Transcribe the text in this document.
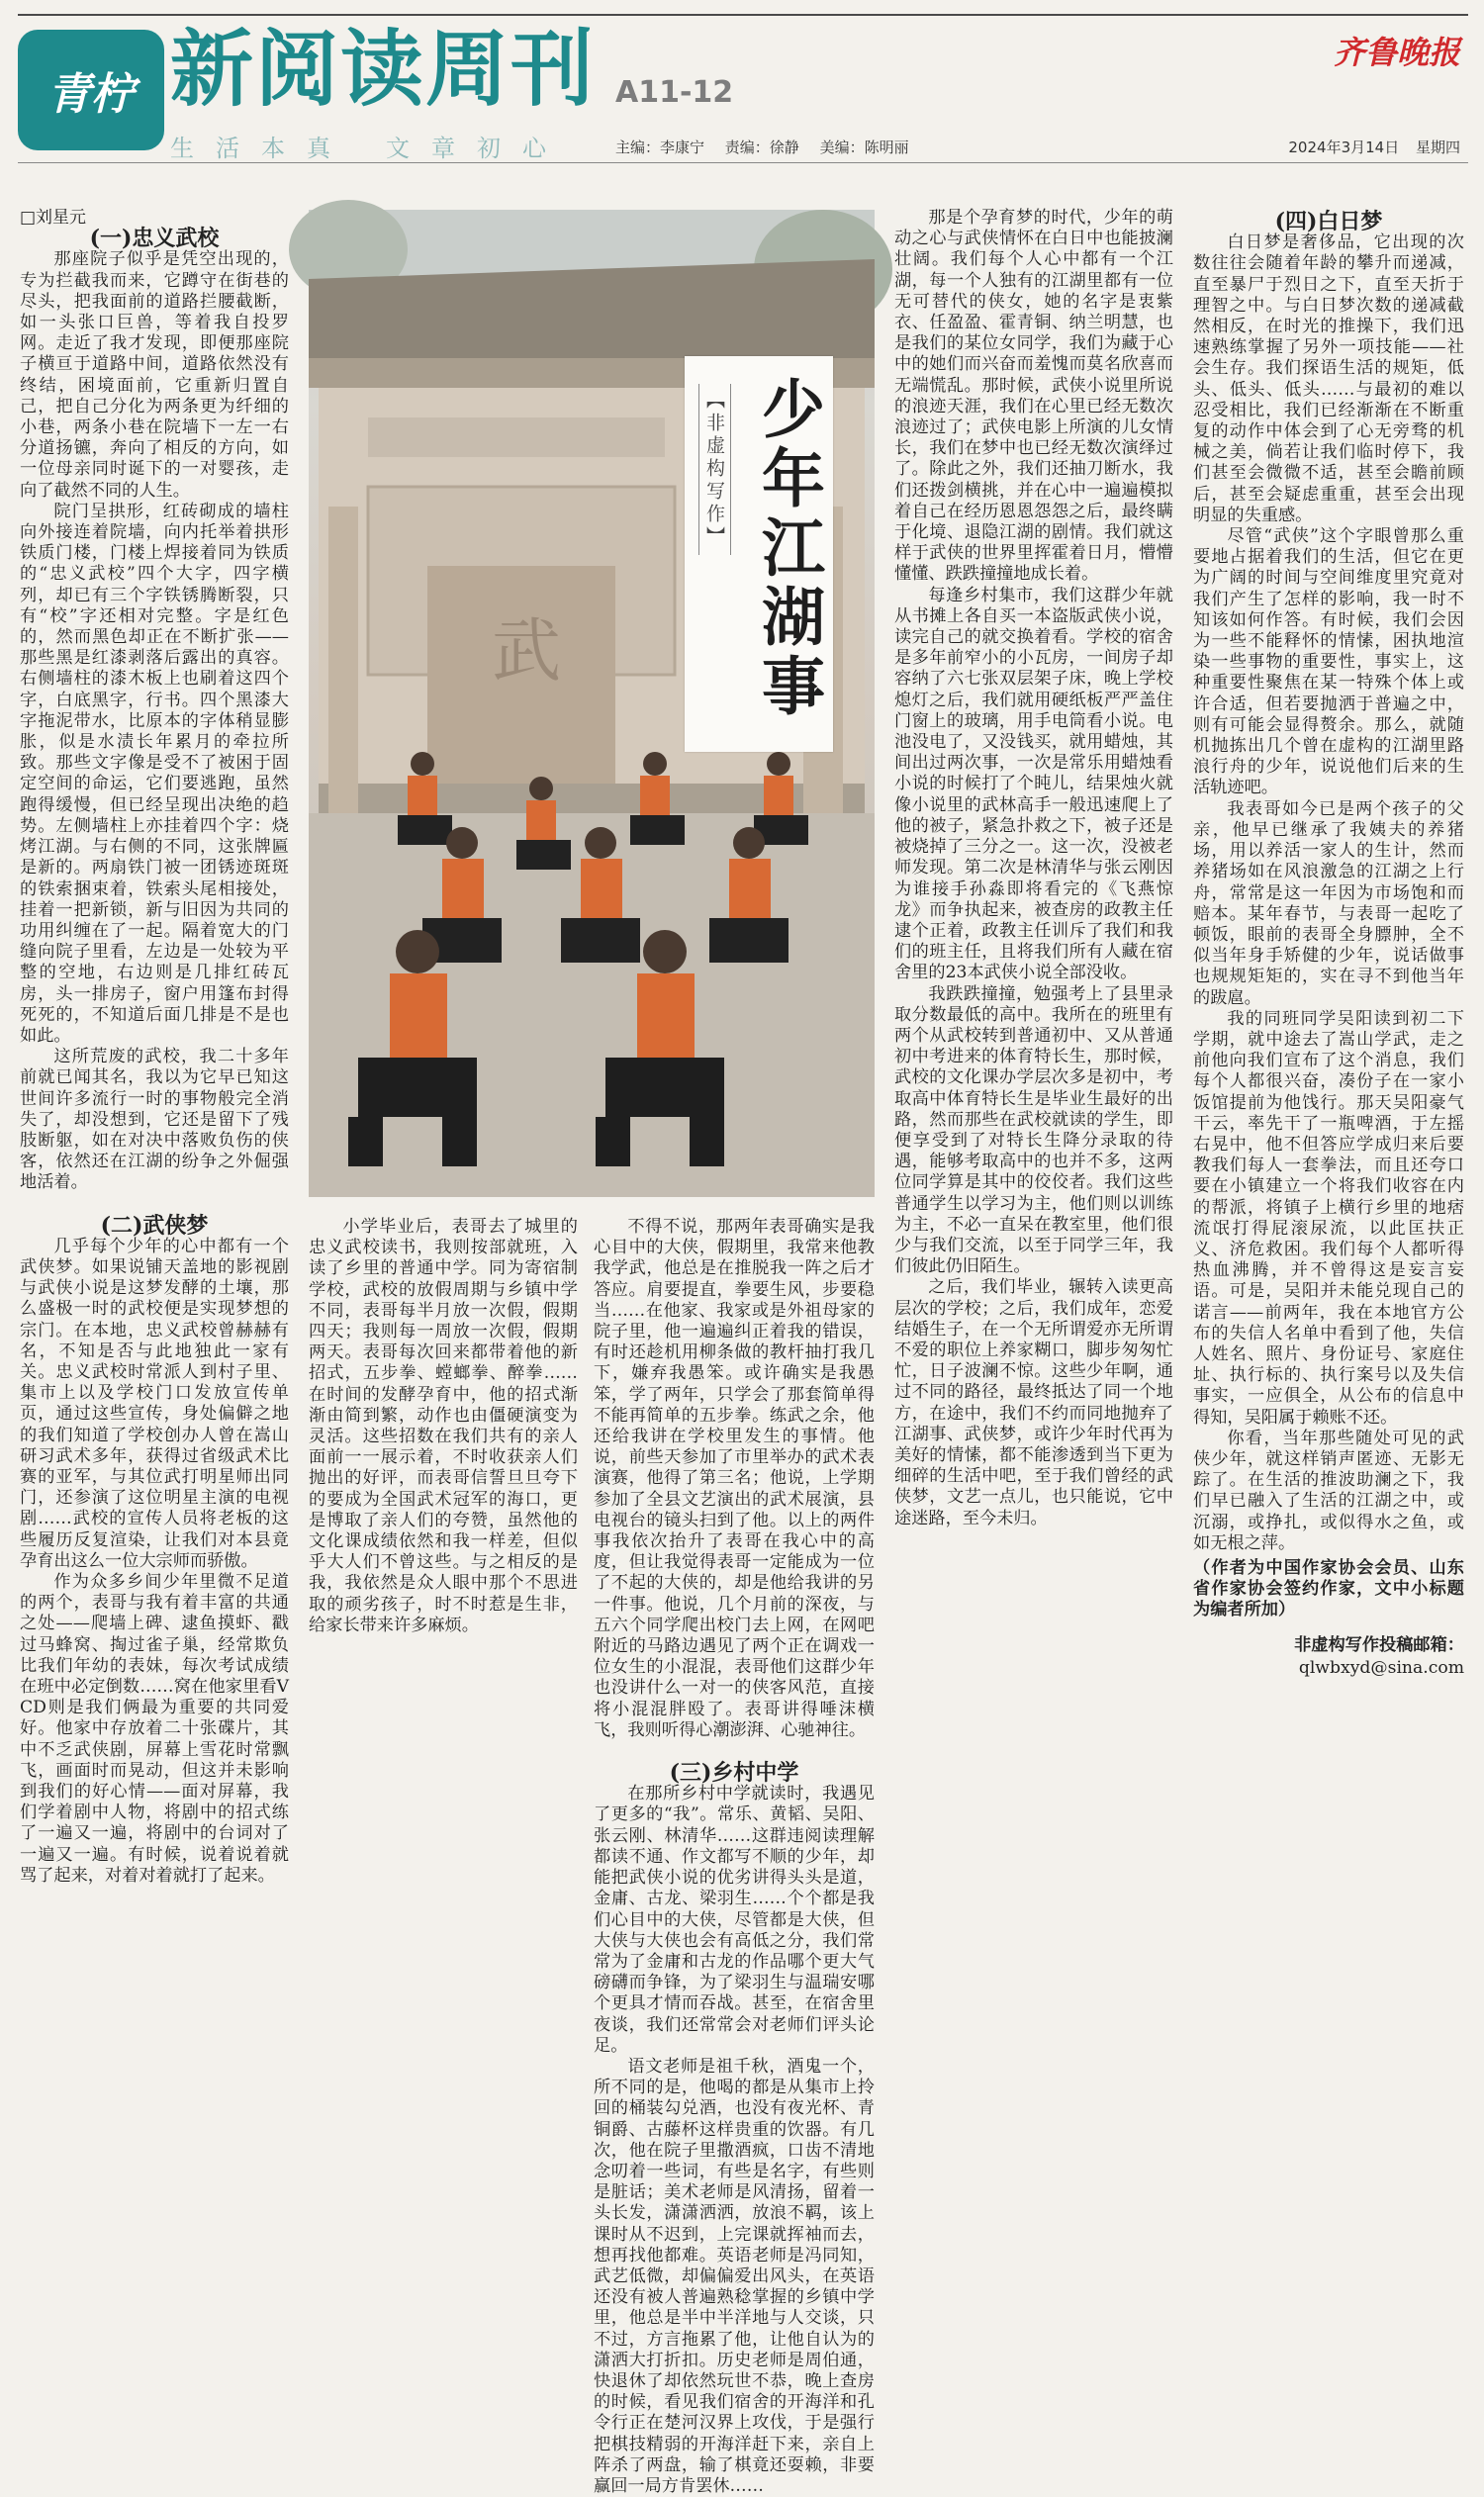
青柠 新阅读周刊
生活本真 文章初心
A11-12
主编：李康宁 责编：徐静 美编：陈明丽
齐鲁晚报
2024年3月14日 星期四

□刘星元

(一)忠义武校

那座院子似乎是凭空出现的，专为拦截我而来，它蹲守在街巷的尽头，把我面前的道路拦腰截断，如一头张口巨兽，等着我自投罗网。走近了我才发现，即便那座院子横亘于道路中间，道路依然没有终结，困境面前，它重新归置自己，把自己分化为两条更为纤细的小巷，两条小巷在院墙下一左一右分道扬镳，奔向了相反的方向，如一位母亲同时诞下的一对婴孩，走向了截然不同的人生。

院门呈拱形，红砖砌成的墙柱向外接连着院墙，向内托举着拱形铁质门楼，门楼上焊接着同为铁质的“忠义武校”四个大字，四字横列，却已有三个字铁锈腾断裂，只有“校”字还相对完整。字是红色的，然而黑色却正在不断扩张——那些黑是红漆剥落后露出的真容。右侧墙柱的漆木板上也刷着这四个字，白底黑字，行书。四个黑漆大字拖泥带水，比原本的字体稍显膨胀，似是水渍长年累月的牵拉所致。那些文字像是受不了被困于固定空间的命运，它们要逃跑，虽然跑得缓慢，但已经呈现出决绝的趋势。左侧墙柱上亦挂着四个字：烧烤江湖。与右侧的不同，这张牌匾是新的。两扇铁门被一团锈迹斑斑的铁索捆束着，铁索头尾相接处，挂着一把新锁，新与旧因为共同的功用纠缠在了一起。隔着宽大的门缝向院子里看，左边是一处较为平整的空地，右边则是几排红砖瓦房，头一排房子，窗户用篷布封得死死的，不知道后面几排是不是也如此。

这所荒废的武校，我二十多年前就已闻其名，我以为它早已知这世间许多流行一时的事物般完全消失了，却没想到，它还是留下了残肢断躯，如在对决中落败负伤的侠客，依然还在江湖的纷争之外倔强地活着。

(二)武侠梦

几乎每个少年的心中都有一个武侠梦。如果说铺天盖地的影视剧与武侠小说是这梦发酵的土壤，那么盛极一时的武校便是实现梦想的宗门。在本地，忠义武校曾赫赫有名，不知是否与此地独此一家有关。忠义武校时常派人到村子里、集市上以及学校门口发放宣传单页，通过这些宣传，身处偏僻之地的我们知道了学校创办人曾在嵩山研习武术多年，获得过省级武术比赛的亚军，与其位武打明星师出同门，还参演了这位明星主演的电视剧……武校的宣传人员将老板的这些履历反复渲染，让我们对本县竟孕育出这么一位大宗师而骄傲。

作为众多乡间少年里微不足道的两个，表哥与我有着丰富的共通之处——爬墙上碑、逮鱼摸虾、戳过马蜂窝、掏过雀子巢，经常欺负比我们年幼的表妹，每次考试成绩在班中必定倒数……窝在他家里看VCD则是我们俩最为重要的共同爱好。他家中存放着二十张碟片，其中不乏武侠剧，屏幕上雪花时常飘飞，画面时而晃动，但这并未影响到我们的好心情——面对屏幕，我们学着剧中人物，将剧中的招式练了一遍又一遍，将剧中的台词对了一遍又一遍。有时候，说着说着就骂了起来，对着对着就打了起来。

武
【非虚构写作】 少年江湖事

小学毕业后，表哥去了城里的忠义武校读书，我则按部就班，入读了乡里的普通中学。同为寄宿制学校，武校的放假周期与乡镇中学不同，表哥每半月放一次假，假期四天；我则每一周放一次假，假期两天。表哥每次回来都带着他的新招式，五步拳、螳螂拳、醉拳……在时间的发酵孕育中，他的招式渐渐由简到繁，动作也由僵硬演变为灵活。这些招数在我们共有的亲人面前一一展示着，不时收获亲人们抛出的好评，而表哥信誓旦旦夸下的要成为全国武术冠军的海口，更是博取了亲人们的夸赞，虽然他的文化课成绩依然和我一样差，但似乎大人们不曾这些。与之相反的是我，我依然是众人眼中那个不思进取的顽劣孩子，时不时惹是生非，给家长带来许多麻烦。

不得不说，那两年表哥确实是我心目中的大侠，假期里，我常来他教我学武，他总是在推脱我一阵之后才答应。肩要提直，拳要生风，步要稳当……在他家、我家或是外祖母家的院子里，他一遍遍纠正着我的错误，有时还趁机用柳条做的教杆抽打我几下，嫌弃我愚笨。或许确实是我愚笨，学了两年，只学会了那套简单得不能再简单的五步拳。练武之余，他还给我讲在学校里发生的事情。他说，前些天参加了市里举办的武术表演赛，他得了第三名；他说，上学期参加了全县文艺演出的武术展演，县电视台的镜头扫到了他。以上的两件事我依次抬升了表哥在我心中的高度，但让我觉得表哥一定能成为一位了不起的大侠的，却是他给我讲的另一件事。他说，几个月前的深夜，与五六个同学爬出校门去上网，在网吧附近的马路边遇见了两个正在调戏一位女生的小混混，表哥他们这群少年也没讲什么一对一的侠客风范，直接将小混混胖殴了。表哥讲得唾沫横飞，我则听得心潮澎湃、心驰神往。

(三)乡村中学

在那所乡村中学就读时，我遇见了更多的“我”。常乐、黄韬、吴阳、张云刚、林清华……这群违阅读理解都读不通、作文都写不顺的少年，却能把武侠小说的优劣讲得头头是道，金庸、古龙、梁羽生……个个都是我们心目中的大侠，尽管都是大侠，但大侠与大侠也会有高低之分，我们常常为了金庸和古龙的作品哪个更大气磅礴而争锋，为了梁羽生与温瑞安哪个更具才情而吞战。甚至，在宿舍里夜谈，我们还常常会对老师们评头论足。

语文老师是祖千秋，酒鬼一个，所不同的是，他喝的都是从集市上拎回的桶装勾兑酒，也没有夜光杯、青铜爵、古藤杯这样贵重的饮器。有几次，他在院子里撒酒疯，口齿不清地念叨着一些词，有些是名字，有些则是脏话；美术老师是风清扬，留着一头长发，潇潇洒洒，放浪不羁，该上课时从不迟到，上完课就挥袖而去，想再找他都难。英语老师是冯同知，武艺低微，却偏偏爱出风头，在英语还没有被人普遍熟稔掌握的乡镇中学里，他总是半中半洋地与人交谈，只不过，方言拖累了他，让他自认为的潇洒大打折扣。历史老师是周伯通，快退休了却依然玩世不恭，晚上查房的时候，看见我们宿舍的开海洋和孔令行正在楚河汉界上攻伐，于是强行把棋技精弱的开海洋赶下来，亲自上阵杀了两盘，输了棋竟还耍赖，非要赢回一局方肯罢休……

那是个孕育梦的时代，少年的萌动之心与武侠情怀在白日中也能披澜壮阔。我们每个人心中都有一个江湖，每一个人独有的江湖里都有一位无可替代的侠女，她的名字是衷紫衣、任盈盈、霍青铜、纳兰明慧，也是我们的某位女同学，我们为藏于心中的她们而兴奋而羞愧而莫名欣喜而无端慌乱。那时候，武侠小说里所说的浪迹天涯，我们在心里已经无数次浪迹过了；武侠电影上所演的儿女情长，我们在梦中也已经无数次演绎过了。除此之外，我们还抽刀断水，我们还拨剑横挑，并在心中一遍遍模拟着自己在经历恩恩怨怨之后，最终瞒于化境、退隐江湖的剧情。我们就这样于武侠的世界里挥霍着日月，懵懵懂懂、跌跌撞撞地成长着。

每逢乡村集市，我们这群少年就从书摊上各自买一本盗版武侠小说，读完自己的就交换着看。学校的宿舍是多年前窄小的小瓦房，一间房子却容纳了六七张双层架子床，晚上学校熄灯之后，我们就用硬纸板严严盖住门窗上的玻璃，用手电筒看小说。电池没电了，又没钱买，就用蜡烛，其间出过两次事，一次是常乐用蜡烛看小说的时候打了个盹儿，结果烛火就像小说里的武林高手一般迅速爬上了他的被子，紧急扑救之下，被子还是被烧掉了三分之一。这一次，没被老师发现。第二次是林清华与张云刚因为谁接手孙淼即将看完的《飞燕惊龙》而争执起来，被查房的政教主任逮个正着，政教主任训斥了我们和我们的班主任，且将我们所有人藏在宿舍里的23本武侠小说全部没收。

我跌跌撞撞，勉强考上了县里录取分数最低的高中。我所在的班里有两个从武校转到普通初中、又从普通初中考进来的体育特长生，那时候，武校的文化课办学层次多是初中，考取高中体育特长生是毕业生最好的出路，然而那些在武校就读的学生，即便享受到了对特长生降分录取的待遇，能够考取高中的也并不多，这两位同学算是其中的佼佼者。我们这些普通学生以学习为主，他们则以训练为主，不必一直呆在教室里，他们很少与我们交流，以至于同学三年，我们彼此仍旧陌生。

之后，我们毕业，辗转入读更高层次的学校；之后，我们成年，恋爱结婚生子，在一个无所谓爱亦无所谓不爱的职位上养家糊口，脚步匆匆忙忙，日子波澜不惊。这些少年啊，通过不同的路径，最终抵达了同一个地方，在途中，我们不约而同地抛弃了江湖事、武侠梦，或许少年时代再为美好的情愫，都不能渗透到当下更为细碎的生活中吧，至于我们曾经的武侠梦，文艺一点儿，也只能说，它中途迷路，至今未归。

(四)白日梦

白日梦是奢侈品，它出现的次数往往会随着年龄的攀升而递减，直至暴尸于烈日之下，直至天折于理智之中。与白日梦次数的递减截然相反，在时光的推操下，我们迅速熟练掌握了另外一项技能——社会生存。我们探语生活的规矩，低头、低头、低头……与最初的难以忍受相比，我们已经渐渐在不断重复的动作中体会到了心无旁骛的机械之美，倘若让我们临时停下，我们甚至会微微不适，甚至会瞻前顾后，甚至会疑虑重重，甚至会出现明显的失重感。

尽管“武侠”这个字眼曾那么重要地占据着我们的生活，但它在更为广阔的时间与空间维度里究竟对我们产生了怎样的影响，我一时不知该如何作答。有时候，我们会因为一些不能释怀的情愫，困执地渲染一些事物的重要性，事实上，这种重要性聚焦在某一特殊个体上或许合适，但若要抛洒于普遍之中，则有可能会显得赘余。那么，就随机抛拣出几个曾在虚构的江湖里路浪行舟的少年，说说他们后来的生活轨迹吧。

我表哥如今已是两个孩子的父亲，他早已继承了我姨夫的养猪场，用以养活一家人的生计，然而养猪场如在风浪激急的江湖之上行舟，常常是这一年因为市场饱和而赔本。某年春节，与表哥一起吃了顿饭，眼前的表哥全身膘肿，全不似当年身手矫健的少年，说话做事也规规矩矩的，实在寻不到他当年的跋扈。

我的同班同学吴阳读到初二下学期，就中途去了嵩山学武，走之前他向我们宣布了这个消息，我们每个人都很兴奋，凑份子在一家小饭馆提前为他饯行。那天吴阳豪气干云，率先干了一瓶啤酒，于左摇右晃中，他不但答应学成归来后要教我们每人一套拳法，而且还夸口要在小镇建立一个将我们收容在内的帮派，将镇子上横行乡里的地痞流氓打得屁滚尿流，以此匡扶正义、济危救困。我们每个人都听得热血沸腾，并不曾得这是妄言妄语。可是，吴阳并未能兑现自己的诺言——前两年，我在本地官方公布的失信人名单中看到了他，失信人姓名、照片、身份证号、家庭住址、执行标的、执行案号以及失信事实，一应俱全，从公布的信息中得知，吴阳属于赖账不还。

你看，当年那些随处可见的武侠少年，就这样销声匿迹、无影无踪了。在生活的推波助澜之下，我们早已融入了生活的江湖之中，或沉溺，或挣扎，或似得水之鱼，或如无根之萍。

（作者为中国作家协会会员、山东省作家协会签约作家，文中小标题为编者所加）

非虚构写作投稿邮箱：

qlwbxyd@sina.com
